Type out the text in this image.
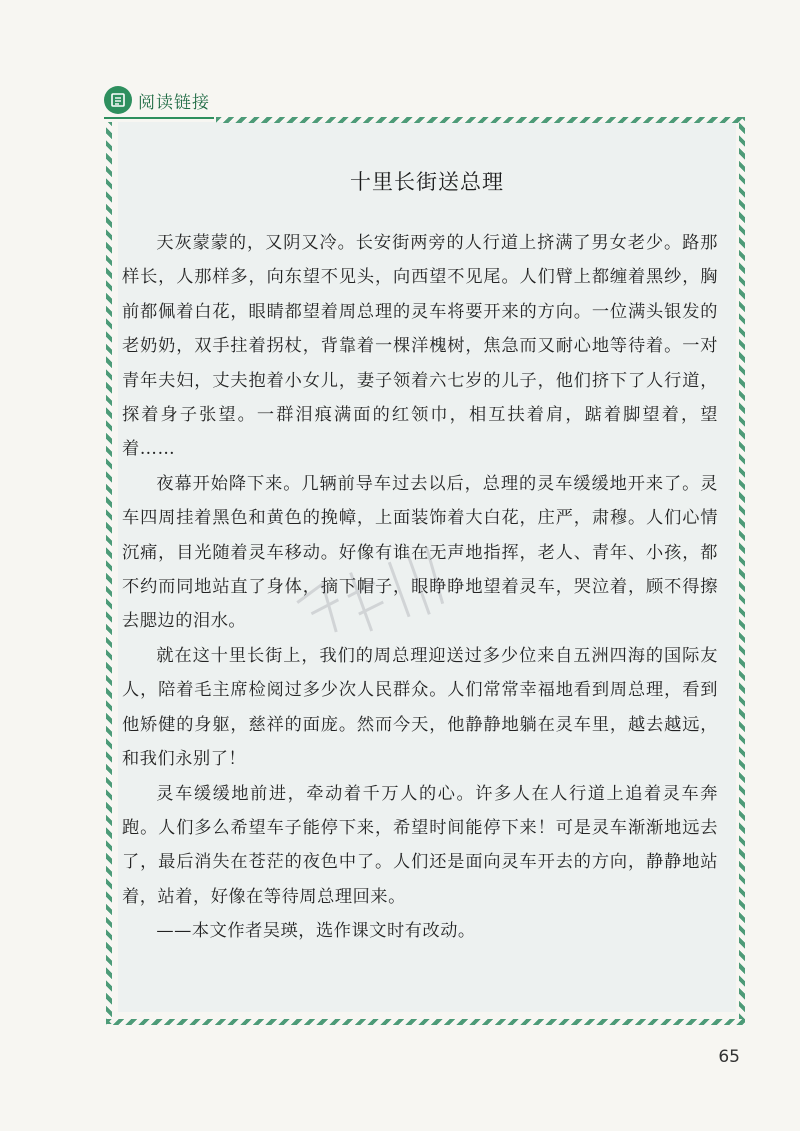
阅读链接
十里长街送总理

天灰蒙蒙的，又阴又冷。长安街两旁的人行道上挤满了男女老少。路那样长，人那样多，向东望不见头，向西望不见尾。人们臂上都缠着黑纱，胸前都佩着白花，眼睛都望着周总理的灵车将要开来的方向。一位满头银发的老奶奶，双手拄着拐杖，背靠着一棵洋槐树，焦急而又耐心地等待着。一对青年夫妇，丈夫抱着小女儿，妻子领着六七岁的儿子，他们挤下了人行道，探着身子张望。一群泪痕满面的红领巾，相互扶着肩，踮着脚望着，望着……

夜幕开始降下来。几辆前导车过去以后，总理的灵车缓缓地开来了。灵车四周挂着黑色和黄色的挽幛，上面装饰着大白花，庄严，肃穆。人们心情沉痛，目光随着灵车移动。好像有谁在无声地指挥，老人、青年、小孩，都不约而同地站直了身体，摘下帽子，眼睁睁地望着灵车，哭泣着，顾不得擦去腮边的泪水。

就在这十里长街上，我们的周总理迎送过多少位来自五洲四海的国际友人，陪着毛主席检阅过多少次人民群众。人们常常幸福地看到周总理，看到他矫健的身躯，慈祥的面庞。然而今天，他静静地躺在灵车里，越去越远，和我们永别了！

灵车缓缓地前进，牵动着千万人的心。许多人在人行道上追着灵车奔跑。人们多么希望车子能停下来，希望时间能停下来！可是灵车渐渐地远去了，最后消失在苍茫的夜色中了。人们还是面向灵车开去的方向，静静地站着，站着，好像在等待周总理回来。

——本文作者吴瑛，选作课文时有改动。

65
